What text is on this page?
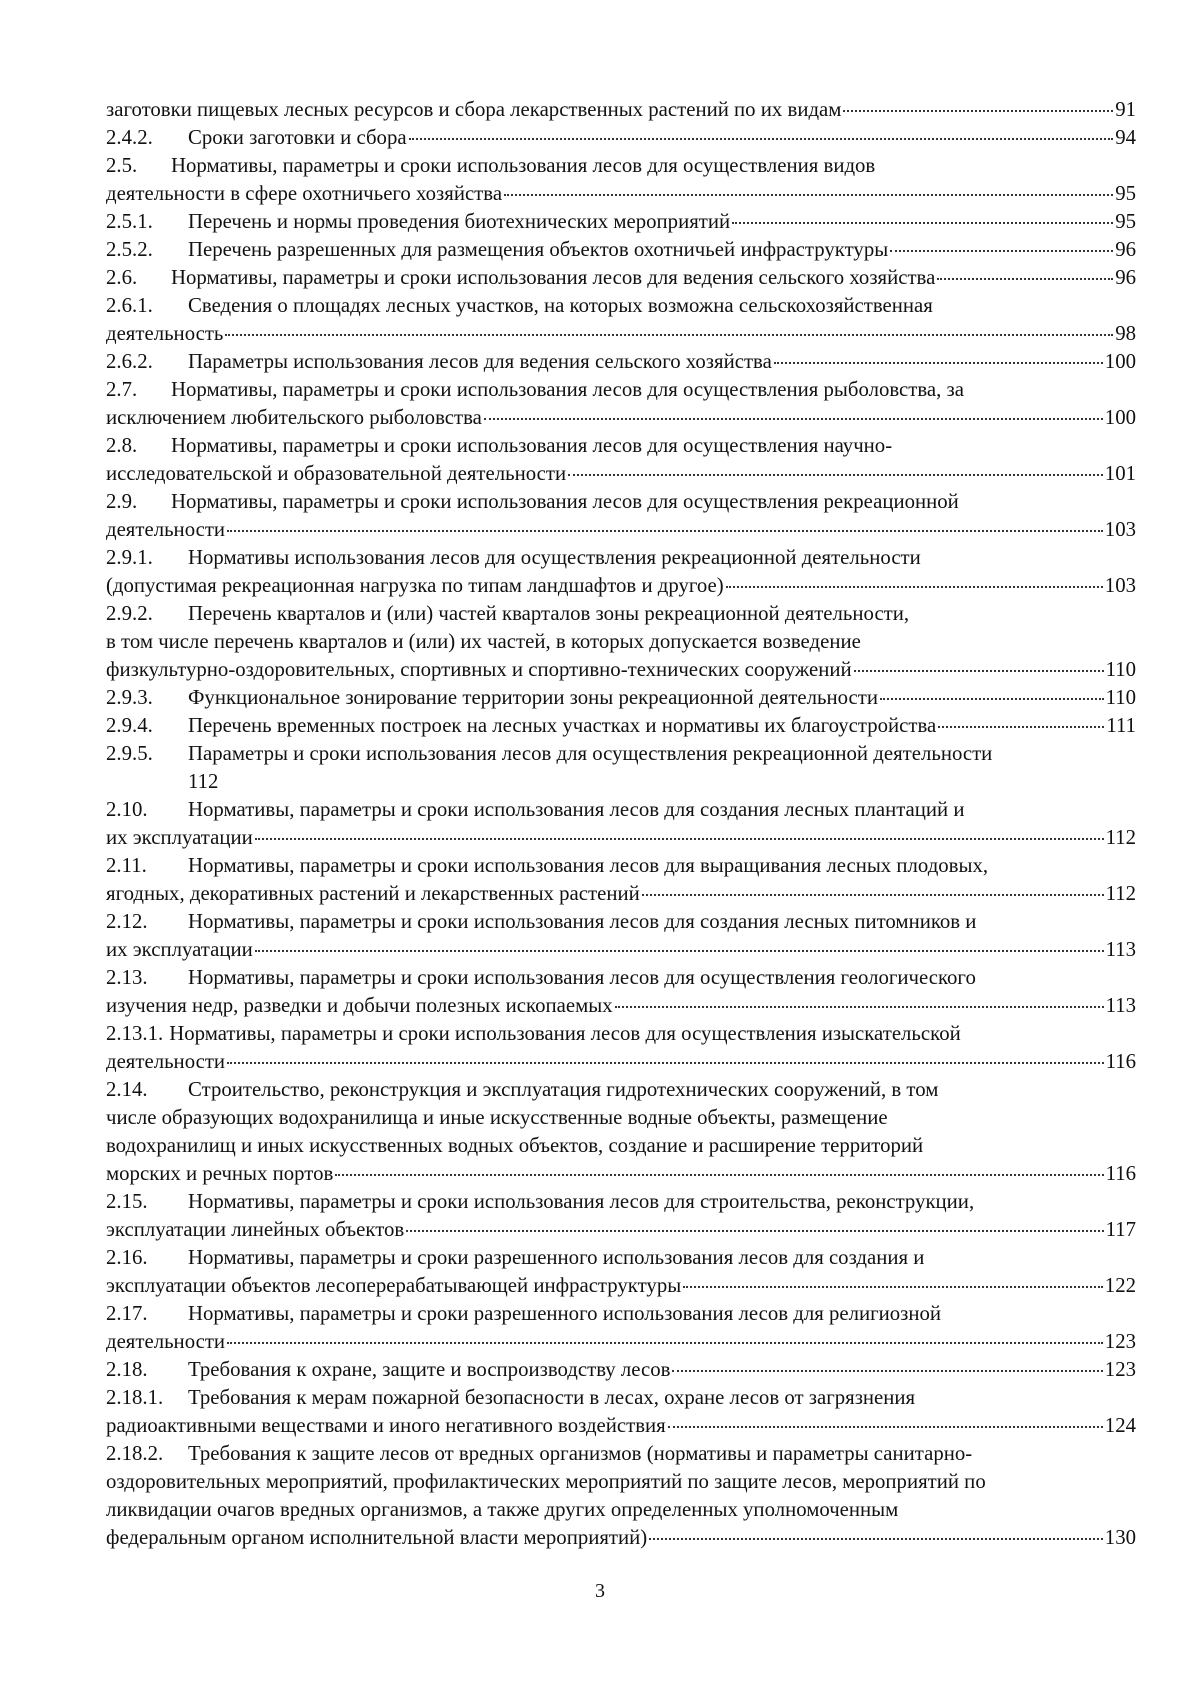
заготовки пищевых лесных ресурсов и сбора лекарственных растений по их видам	91
2.4.2.	Сроки заготовки и сбора	94
2.5.	Нормативы, параметры и сроки использования лесов для осуществления видов
деятельности в сфере охотничьего хозяйства	95
2.5.1.	Перечень и нормы проведения биотехнических мероприятий	95
2.5.2.	Перечень разрешенных для размещения объектов охотничьей инфраструктуры	96
2.6.	Нормативы, параметры и сроки использования лесов для ведения сельского хозяйства	96
2.6.1.	Сведения о площадях лесных участков, на которых возможна сельскохозяйственная
деятельность	98
2.6.2.	Параметры использования лесов для ведения сельского хозяйства	100
2.7.	Нормативы, параметры и сроки использования лесов для осуществления рыболовства, за
исключением любительского рыболовства	100
2.8.	Нормативы, параметры и сроки использования лесов для осуществления научно-
исследовательской и образовательной деятельности	101
2.9.	Нормативы, параметры и сроки использования лесов для осуществления рекреационной
деятельности	103
2.9.1.	Нормативы использования лесов для осуществления рекреационной деятельности
(допустимая рекреационная нагрузка по типам ландшафтов и другое)	103
2.9.2.	Перечень кварталов и (или) частей кварталов зоны рекреационной деятельности,
в том числе перечень кварталов и (или) их частей, в которых допускается возведение
физкультурно-оздоровительных, спортивных и спортивно-технических сооружений	110
2.9.3.	Функциональное зонирование территории зоны рекреационной деятельности	110
2.9.4.	Перечень временных построек на лесных участках и нормативы их благоустройства	111
2.9.5.	Параметры и сроки использования лесов для осуществления рекреационной деятельности
112
2.10.	Нормативы, параметры и сроки использования лесов для создания лесных плантаций и
их эксплуатации	112
2.11.	Нормативы, параметры и сроки использования лесов для выращивания лесных плодовых,
ягодных, декоративных растений и лекарственных растений	112
2.12.	Нормативы, параметры и сроки использования лесов для создания лесных питомников и
их эксплуатации	113
2.13.	Нормативы, параметры и сроки использования лесов для осуществления геологического
изучения недр, разведки и добычи полезных ископаемых	113
2.13.1. Нормативы, параметры и сроки использования лесов для осуществления изыскательской
деятельности	116
2.14.	Строительство, реконструкция и эксплуатация гидротехнических сооружений, в том
числе образующих водохранилища и иные искусственные водные объекты, размещение
водохранилищ и иных искусственных водных объектов, создание и расширение территорий
морских и речных портов	116
2.15.	Нормативы, параметры и сроки использования лесов для строительства, реконструкции,
эксплуатации линейных объектов	117
2.16.	Нормативы, параметры и сроки разрешенного использования лесов для создания и
эксплуатации объектов лесоперерабатывающей инфраструктуры	122
2.17.	Нормативы, параметры и сроки разрешенного использования лесов для религиозной
деятельности	123
2.18.	Требования к охране, защите и воспроизводству лесов	123
2.18.1.	Требования к мерам пожарной безопасности в лесах, охране лесов от загрязнения
радиоактивными веществами и иного негативного воздействия	124
2.18.2.	Требования к защите лесов от вредных организмов (нормативы и параметры санитарно-
оздоровительных мероприятий, профилактических мероприятий по защите лесов, мероприятий по
ликвидации очагов вредных организмов, а также других определенных уполномоченным
федеральным органом исполнительной власти мероприятий)	130
3
